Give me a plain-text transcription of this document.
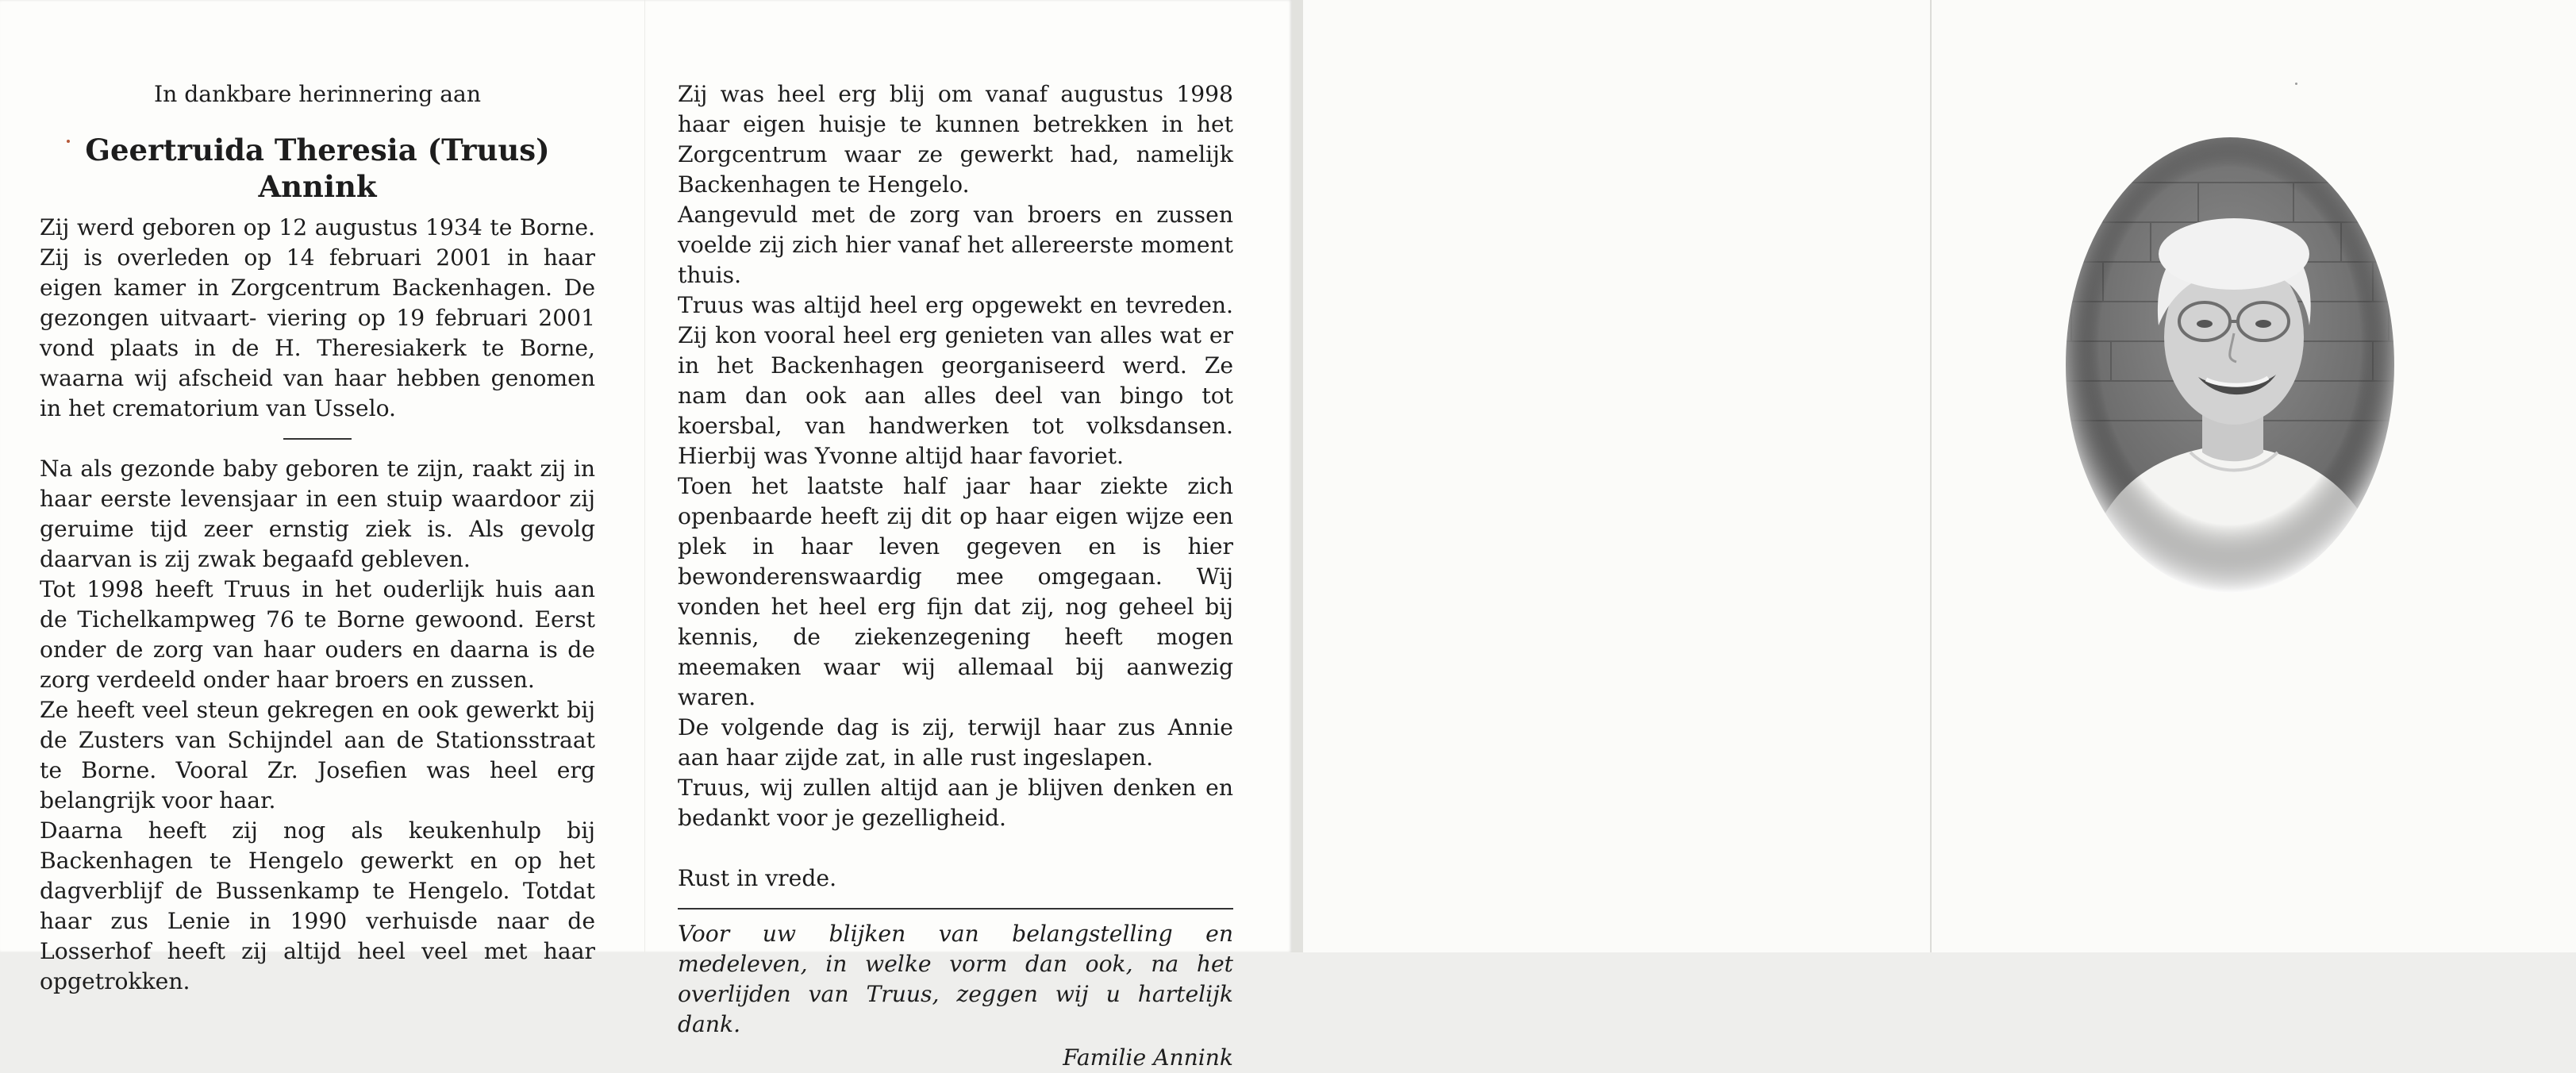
In dankbare herinnering aan

Geertruida Theresia (Truus)
Annink

Zij werd geboren op 12 augustus 1934 te Borne. Zij is overleden op 14 februari 2001 in haar eigen kamer in Zorgcentrum Backenhagen. De gezongen uitvaart- viering op 19 februari 2001 vond plaats in de H. Theresiakerk te Borne, waarna wij afscheid van haar hebben genomen in het crematorium van Usselo.

Na als gezonde baby geboren te zijn, raakt zij in haar eerste levensjaar in een stuip waardoor zij geruime tijd zeer ernstig ziek is. Als gevolg daarvan is zij zwak begaafd gebleven.

Tot 1998 heeft Truus in het ouderlijk huis aan de Tichelkampweg 76 te Borne gewoond. Eerst onder de zorg van haar ouders en daarna is de zorg verdeeld onder haar broers en zussen.

Ze heeft veel steun gekregen en ook gewerkt bij de Zusters van Schijndel aan de Stationsstraat te Borne. Vooral Zr. Josefien was heel erg belangrijk voor haar.

Daarna heeft zij nog als keukenhulp bij Backenhagen te Hengelo gewerkt en op het dagverblijf de Bussenkamp te Hengelo. Totdat haar zus Lenie in 1990 verhuisde naar de Losserhof heeft zij altijd heel veel met haar opgetrokken.

Zij was heel erg blij om vanaf augustus 1998 haar eigen huisje te kunnen betrekken in het Zorgcentrum waar ze gewerkt had, namelijk Backenhagen te Hengelo.

Aangevuld met de zorg van broers en zussen voelde zij zich hier vanaf het allereerste moment thuis.

Truus was altijd heel erg opgewekt en tevreden. Zij kon vooral heel erg genieten van alles wat er in het Backenhagen georganiseerd werd. Ze nam dan ook aan alles deel van bingo tot koersbal, van handwerken tot volksdansen. Hierbij was Yvonne altijd haar favoriet.

Toen het laatste half jaar haar ziekte zich openbaarde heeft zij dit op haar eigen wijze een plek in haar leven gegeven en is hier bewonderenswaardig mee omgegaan. Wij vonden het heel erg fijn dat zij, nog geheel bij kennis, de ziekenzegening heeft mogen meemaken waar wij allemaal bij aanwezig waren.

De volgende dag is zij, terwijl haar zus Annie aan haar zijde zat, in alle rust ingeslapen.

Truus, wij zullen altijd aan je blijven denken en bedankt voor je gezelligheid.

Rust in vrede.

Voor uw blijken van belangstelling en medeleven, in welke vorm dan ook, na het overlijden van Truus, zeggen wij u hartelijk dank.

Familie Annink
